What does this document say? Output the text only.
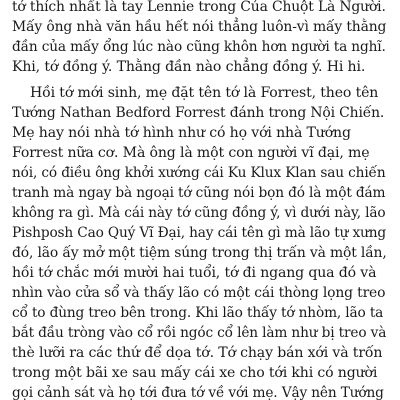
tớ thích nhất là tay Lennie trong Của Chuột Là Người.
Mấy ông nhà văn hầu hết nói thẳng luôn-vì mấy thằng
đần của mấy ổng lúc nào cũng khôn hơn người ta nghĩ.
Khi, tớ đồng ý. Thằng đần nào chẳng đồng ý. Hi hi.
Hồi tớ mới sinh, mẹ đặt tên tớ là Forrest, theo tên
Tướng Nathan Bedford Forrest đánh trong Nội Chiến.
Mẹ hay nói nhà tớ hình như có họ với nhà Tướng
Forrest nữa cơ. Mà ông là một con người vĩ đại, mẹ
nói, có điều ông khởi xướng cái Ku Klux Klan sau chiến
tranh mà ngay bà ngoại tớ cũng nói bọn đó là một đám
không ra gì. Mà cái này tớ cũng đồng ý, vì dưới này, lão
Pishposh Cao Quý Vĩ Đại, hay cái tên gì mà lão tự xưng
đó, lão ấy mở một tiệm súng trong thị trấn và một lần,
hồi tớ chắc mới mười hai tuổi, tớ đi ngang qua đó và
nhìn vào cửa sổ và thấy lão có một cái thòng lọng treo
cổ to đùng treo bên trong. Khi lão thấy tớ nhòm, lão ta
bắt đầu tròng vào cổ rồi ngóc cổ lên làm như bị treo và
thè lưỡi ra các thứ để dọa tớ. Tớ chạy bán xới và trốn
trong một bãi xe sau mấy cái xe cho tới khi có người
gọi cảnh sát và họ tới đưa tớ về với mẹ. Vậy nên Tướng
